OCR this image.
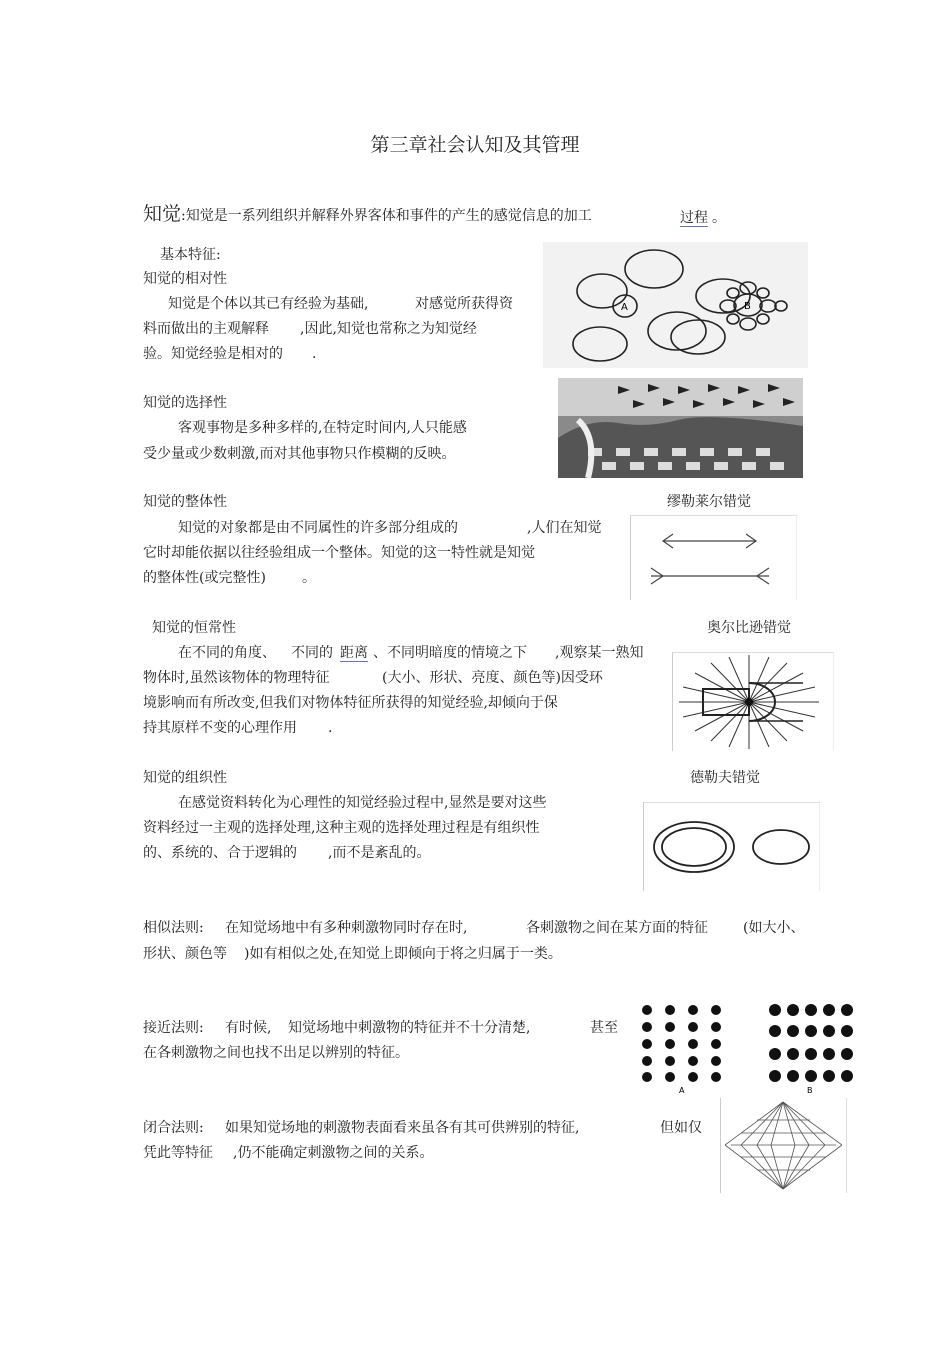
第三章社会认知及其管理
知觉:知觉是一系列组织并解释外界客体和事件的产生的感觉信息的加工	过程 。
基本特征:
知觉的相对性
知觉是个体以其已有经验为基础,	对感觉所获得资
料而做出的主观解释 ,因此,知觉也常称之为知觉经
验。知觉经验是相对的 .
A	B
知觉的选择性
客观事物是多种多样的,在特定时间内,人只能感
受少量或少数刺激,而对其他事物只作模糊的反映。
知觉的整体性	缪勒莱尔错觉
知觉的对象都是由不同属性的许多部分组成的	,人们在知觉
它时却能依据以往经验组成一个整体。知觉的这一特性就是知觉
的整体性(或完整性)	。
知觉的恒常性	奥尔比逊错觉
在不同的角度、 不同的 距离 、不同明暗度的情境之下 ,观察某一熟知
物体时,虽然该物体的物理特征	(大小、形状、亮度、颜色等)因受环
境影响而有所改变,但我们对物体特征所获得的知觉经验,却倾向于保
持其原样不变的心理作用 .
知觉的组织性	德勒夫错觉
在感觉资料转化为心理性的知觉经验过程中,显然是要对这些
资料经过一主观的选择处理,这种主观的选择处理过程是有组织性
的、系统的、合于逻辑的 ,而不是紊乱的。
相似法则: 在知觉场地中有多种刺激物同时存在时,	各刺激物之间在某方面的特征	(如大小、
形状、颜色等 )如有相似之处,在知觉上即倾向于将之归属于一类。
接近法则: 有时候, 知觉场地中刺激物的特征并不十分清楚,	甚至
在各刺激物之间也找不出足以辨别的特征。
A	B
闭合法则: 如果知觉场地的刺激物表面看来虽各有其可供辨别的特征,	但如仅
凭此等特征 ,仍不能确定刺激物之间的关系。
